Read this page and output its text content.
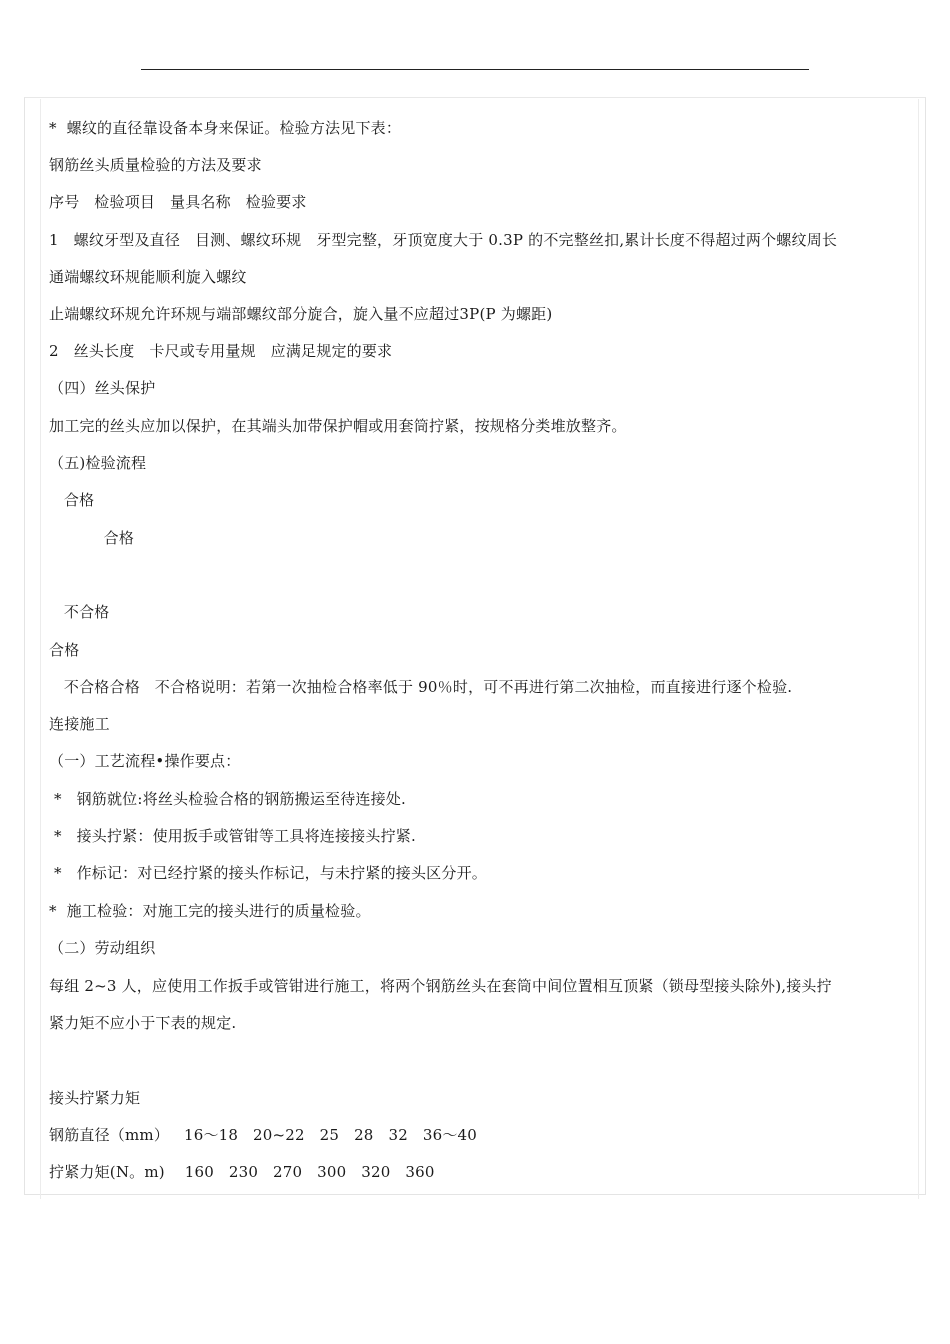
*  螺纹的直径靠设备本身来保证。检验方法见下表：
钢筋丝头质量检验的方法及要求
序号   检验项目   量具名称   检验要求
1   螺纹牙型及直径   目测、螺纹环规   牙型完整，牙顶宽度大于 0.3P 的不完整丝扣,累计长度不得超过两个螺纹周长
通端螺纹环规能顺利旋入螺纹
止端螺纹环规允许环规与端部螺纹部分旋合，旋入量不应超过3P(P 为螺距)
2   丝头长度   卡尺或专用量规   应满足规定的要求
（四）丝头保护
加工完的丝头应加以保护，在其端头加带保护帽或用套筒拧紧，按规格分类堆放整齐。
（五)检验流程
合格
合格
不合格
合格
不合格合格   不合格说明：若第一次抽检合格率低于 90％时，可不再进行第二次抽检，而直接进行逐个检验.
连接施工
（一）工艺流程•操作要点：
*   钢筋就位:将丝头检验合格的钢筋搬运至待连接处.
*   接头拧紧：使用扳手或管钳等工具将连接接头拧紧.
*   作标记：对已经拧紧的接头作标记，与未拧紧的接头区分开。
*  施工检验：对施工完的接头进行的质量检验。
（二）劳动组织
每组 2~3 人，应使用工作扳手或管钳进行施工，将两个钢筋丝头在套筒中间位置相互顶紧（锁母型接头除外),接头拧
紧力矩不应小于下表的规定.
接头拧紧力矩
钢筋直径（mm）   16～18   20~22   25   28   32   36～40
拧紧力矩(N。m)    160   230   270   300   320   360
